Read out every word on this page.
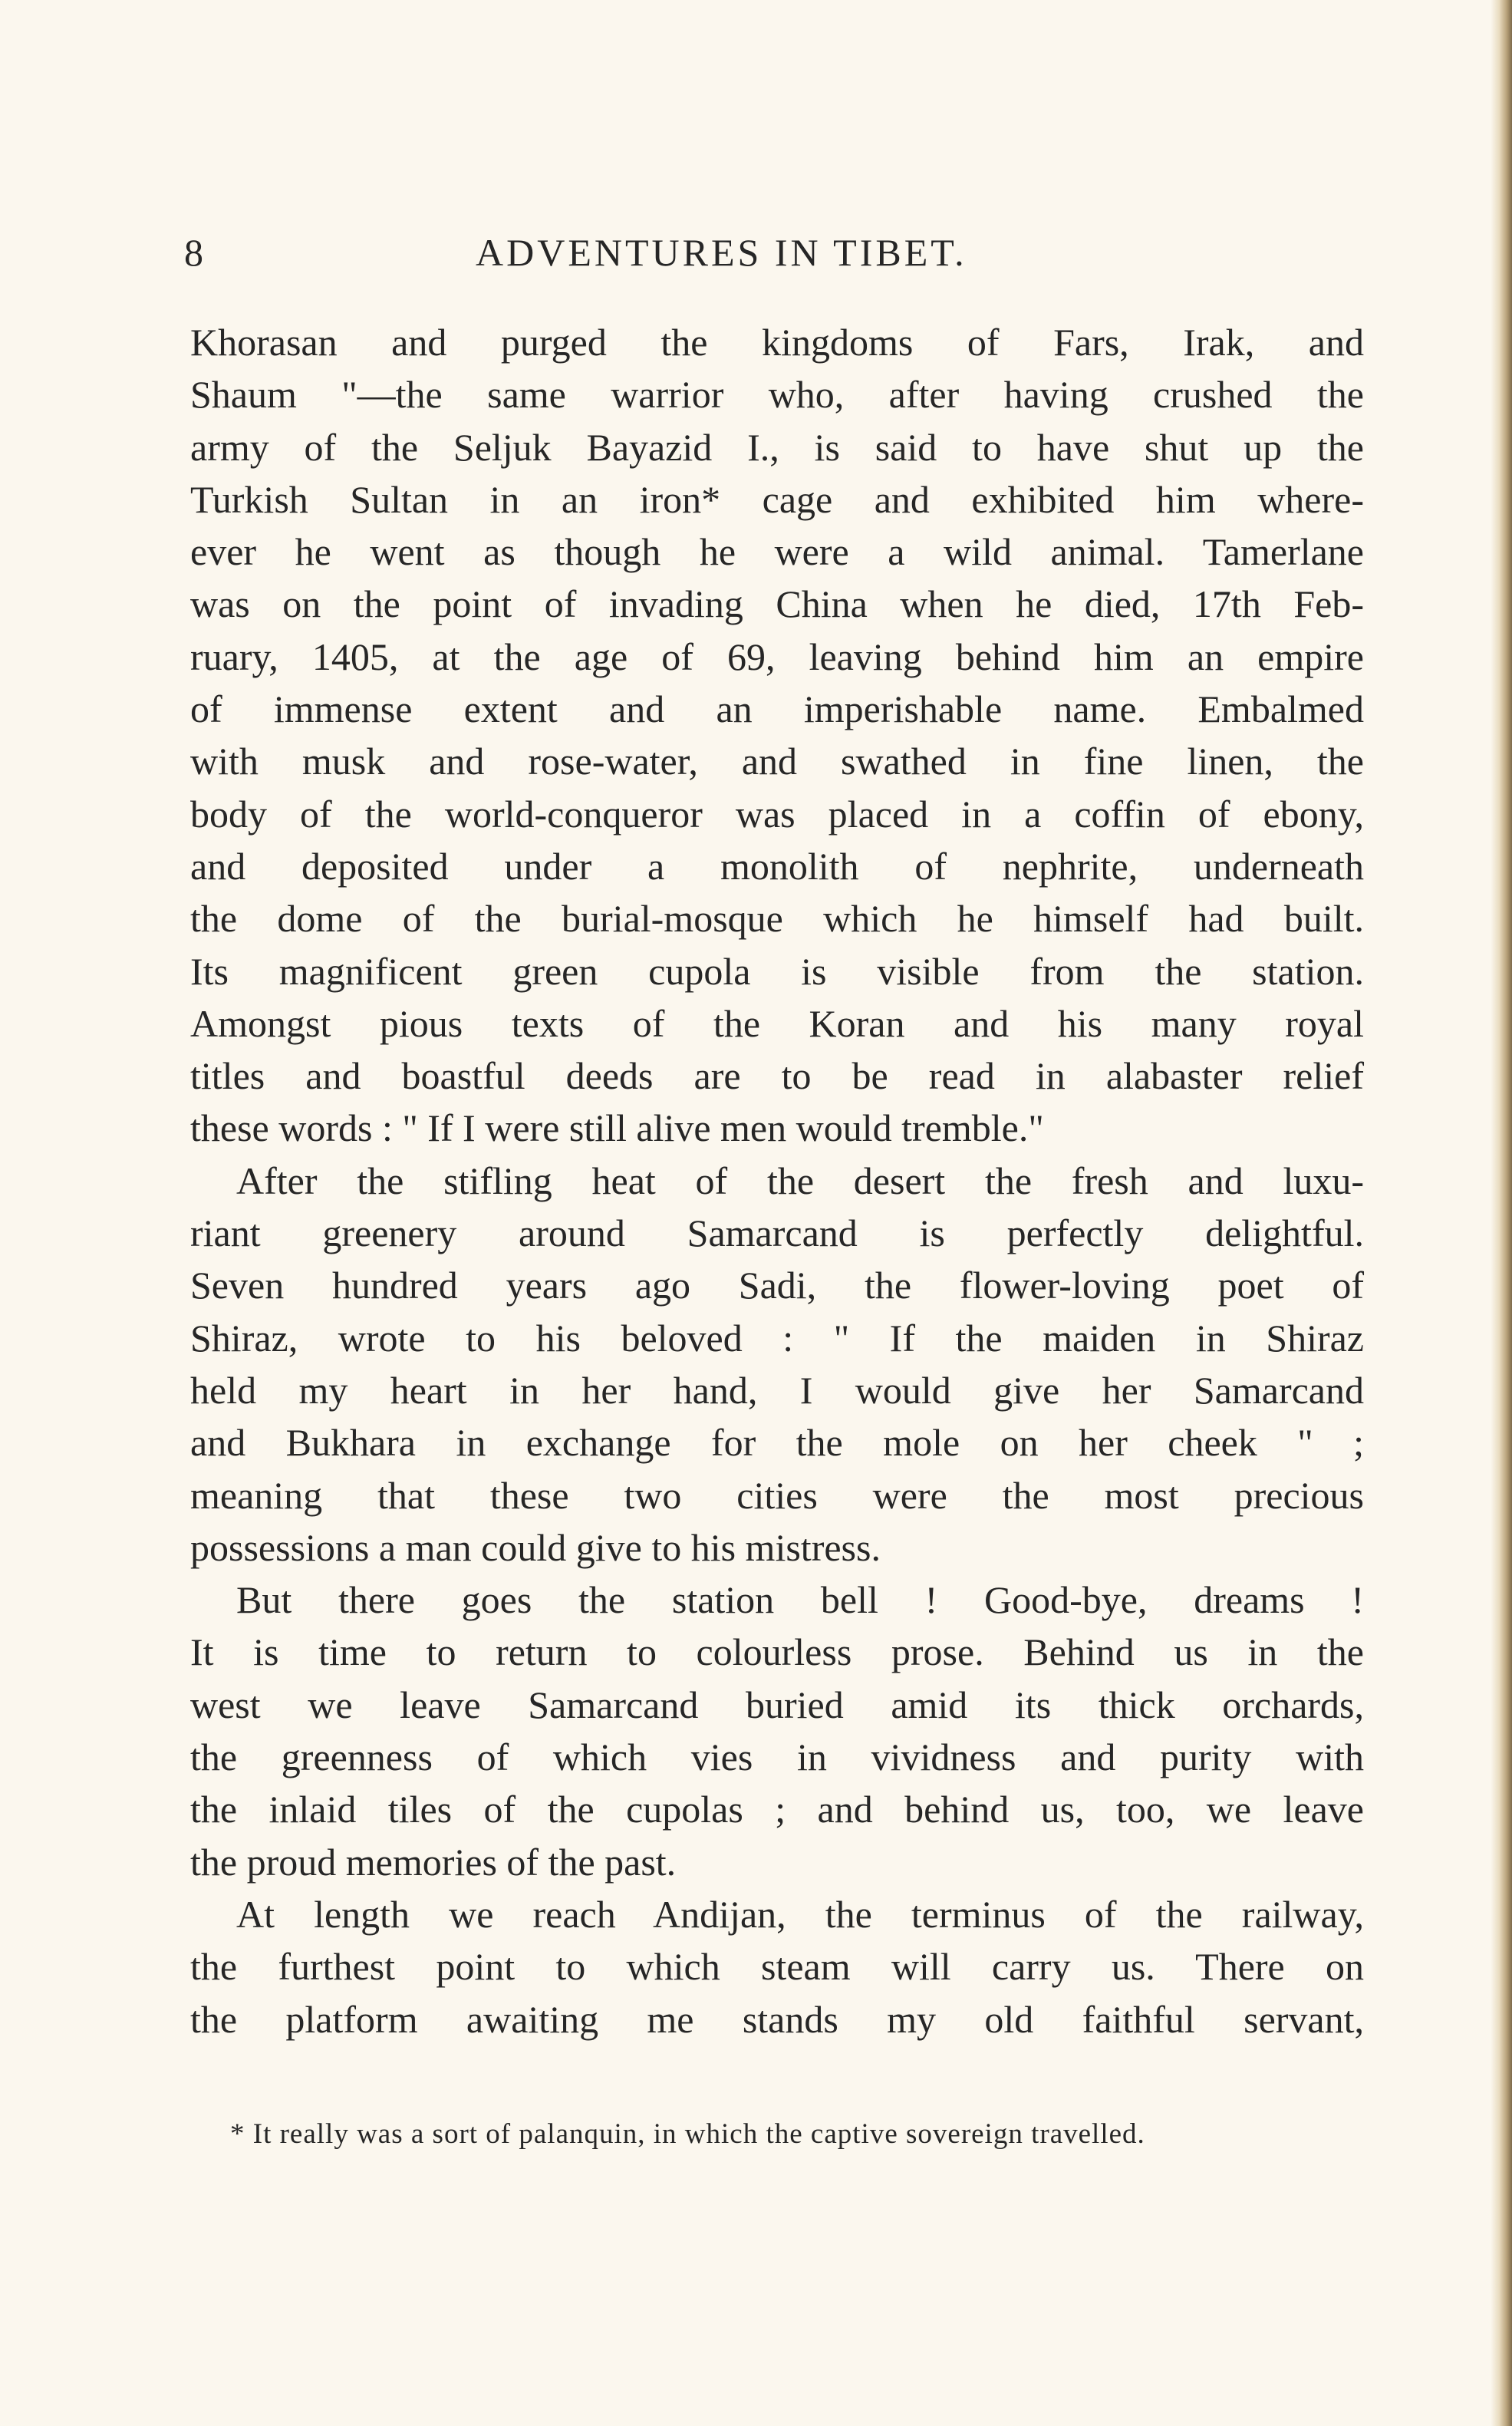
8	ADVENTURES IN TIBET.
Khorasan and purged the kingdoms of Fars, Irak, and
Shaum "—the same warrior who, after having crushed the
army of the Seljuk Bayazid I., is said to have shut up the
Turkish Sultan in an iron* cage and exhibited him where-
ever he went as though he were a wild animal. Tamerlane
was on the point of invading China when he died, 17th Feb-
ruary, 1405, at the age of 69, leaving behind him an empire
of immense extent and an imperishable name. Embalmed
with musk and rose-water, and swathed in fine linen, the
body of the world-conqueror was placed in a coffin of ebony,
and deposited under a monolith of nephrite, underneath
the dome of the burial-mosque which he himself had built.
Its magnificent green cupola is visible from the station.
Amongst pious texts of the Koran and his many royal
titles and boastful deeds are to be read in alabaster relief
these words : " If I were still alive men would tremble."
After the stifling heat of the desert the fresh and luxu-
riant greenery around Samarcand is perfectly delightful.
Seven hundred years ago Sadi, the flower-loving poet of
Shiraz, wrote to his beloved : " If the maiden in Shiraz
held my heart in her hand, I would give her Samarcand
and Bukhara in exchange for the mole on her cheek " ;
meaning that these two cities were the most precious
possessions a man could give to his mistress.
But there goes the station bell ! Good-bye, dreams !
It is time to return to colourless prose. Behind us in the
west we leave Samarcand buried amid its thick orchards,
the greenness of which vies in vividness and purity with
the inlaid tiles of the cupolas ; and behind us, too, we leave
the proud memories of the past.
At length we reach Andijan, the terminus of the railway,
the furthest point to which steam will carry us. There on
the platform awaiting me stands my old faithful servant,
* It really was a sort of palanquin, in which the captive sovereign travelled.
